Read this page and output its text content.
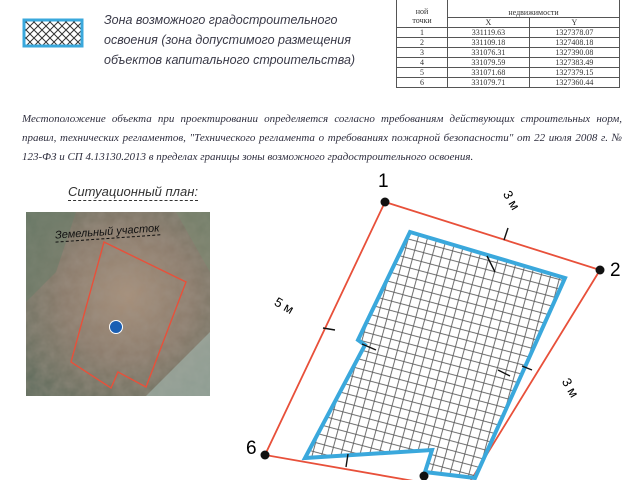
Зона возможного градостроительного
освоения (зона допустимого размещения
объектов капитального строительства)
ной
точки	недвижимости	
	X	Y
1	331119.63	1327378.07
2	331109.18	1327408.18
3	331076.31	1327390.08
4	331079.59	1327383.49
5	331071.68	1327379.15
6	331079.71	1327360.44
Местоположение объекта при проектировании определяется согласно требованиям действующих строительных норм, правил, технических регламентов, "Технического регламента о требованиях пожарной безопасности" от 22 июля 2008 г. № 123-ФЗ и СП 4.13130.2013 в пределах границы зоны возможного градостроительного освоения.
Ситуационный план:
Земельный участок
1
2
6
3 м
5 м
3 м
